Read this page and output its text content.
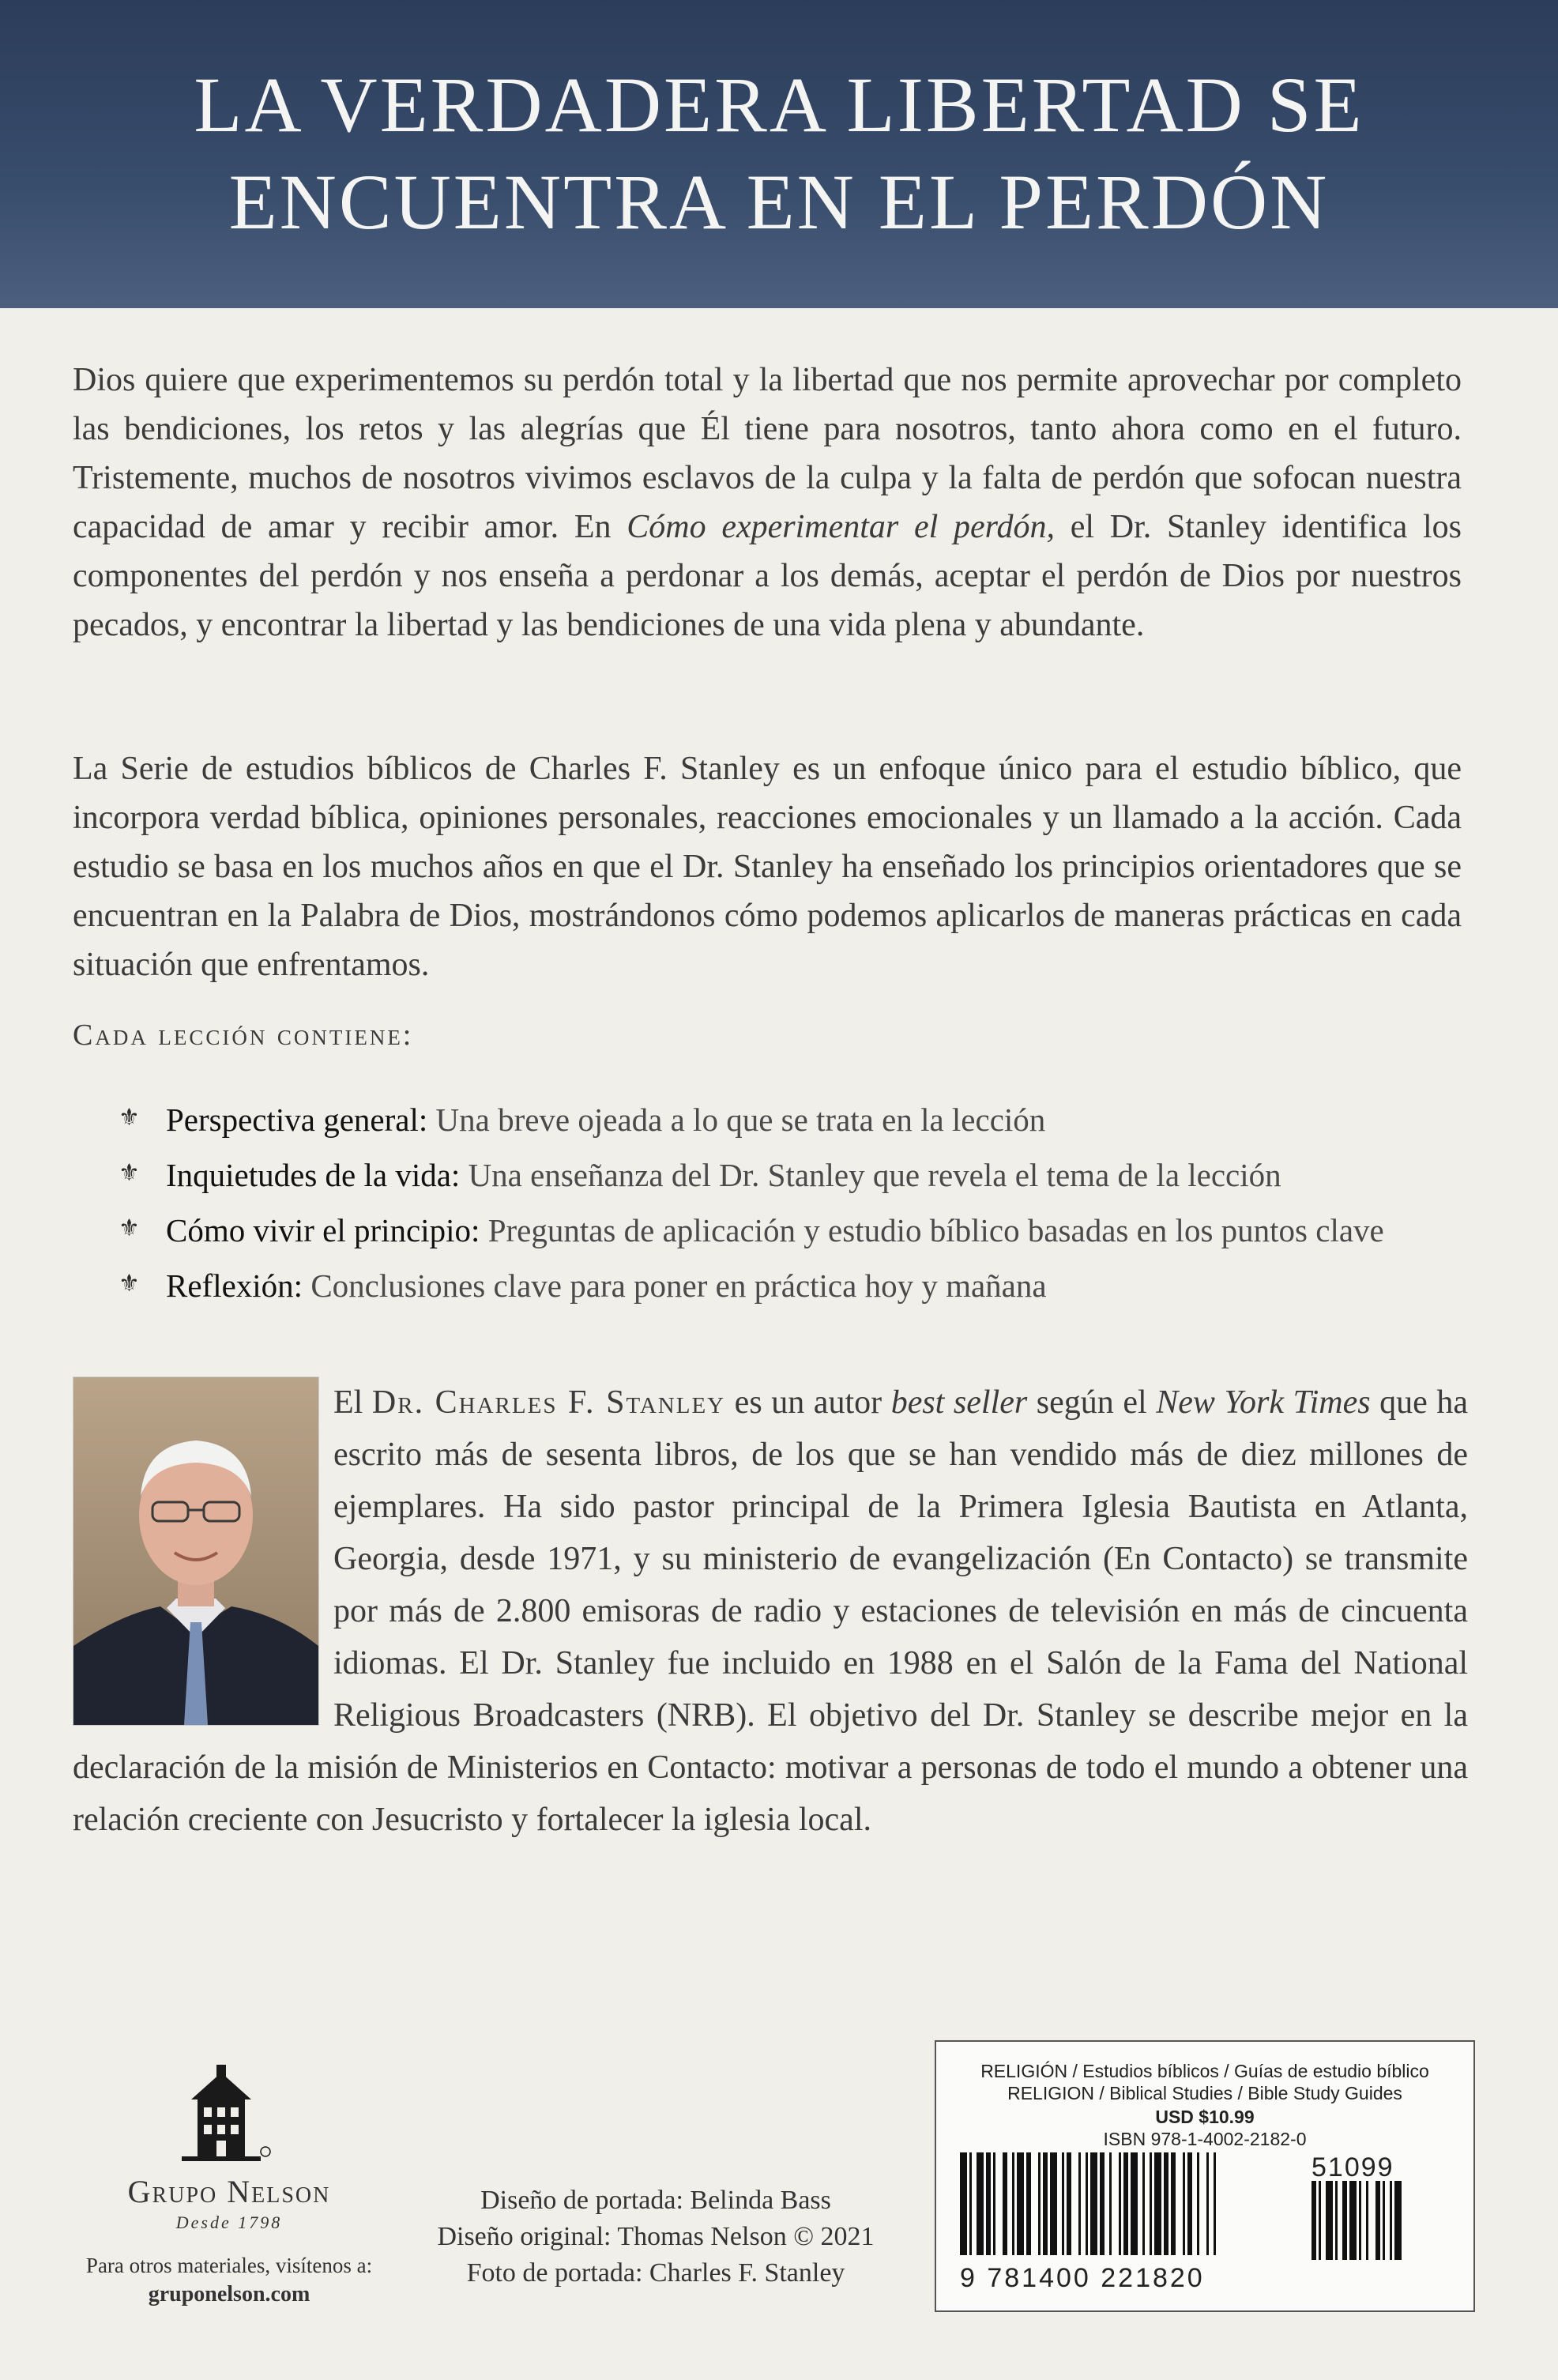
LA VERDADERA LIBERTAD SE
ENCUENTRA EN EL PERDÓN

Dios quiere que experimentemos su perdón total y la libertad que nos permite aprovechar por completo las bendiciones, los retos y las alegrías que Él tiene para nosotros, tanto ahora como en el futuro. Tristemente, muchos de nosotros vivimos esclavos de la culpa y la falta de perdón que sofocan nuestra capacidad de amar y recibir amor. En Cómo experimentar el perdón, el Dr. Stanley identifica los componentes del perdón y nos enseña a perdonar a los demás, aceptar el perdón de Dios por nuestros pecados, y encontrar la libertad y las bendiciones de una vida plena y abundante.

La Serie de estudios bíblicos de Charles F. Stanley es un enfoque único para el estudio bíblico, que incorpora verdad bíblica, opiniones personales, reacciones emocionales y un llamado a la acción. Cada estudio se basa en los muchos años en que el Dr. Stanley ha enseñado los principios orientadores que se encuentran en la Palabra de Dios, mostrándonos cómo podemos aplicarlos de maneras prácticas en cada situación que enfrentamos.

Cada lección contiene:
⚜ Perspectiva general: Una breve ojeada a lo que se trata en la lección
⚜ Inquietudes de la vida: Una enseñanza del Dr. Stanley que revela el tema de la lección
⚜ Cómo vivir el principio: Preguntas de aplicación y estudio bíblico basadas en los puntos clave
⚜ Reflexión: Conclusiones clave para poner en práctica hoy y mañana

El Dr. Charles F. Stanley es un autor best seller según el New York Times que ha escrito más de sesenta libros, de los que se han vendido más de diez millones de ejemplares. Ha sido pastor principal de la Primera Iglesia Bautista en Atlanta, Georgia, desde 1971, y su ministerio de evangelización (En Contacto) se transmite por más de 2.800 emisoras de radio y estaciones de televisión en más de cincuenta idiomas. El Dr. Stanley fue incluido en 1988 en el Salón de la Fama del National Religious Broadcasters (NRB). El objetivo del Dr. Stanley se describe mejor en la declaración de la misión de Ministerios en Contacto: motivar a personas de todo el mundo a obtener una relación creciente con Jesucristo y fortalecer la iglesia local.

Grupo Nelson
Desde 1798
Para otros materiales, visítenos a:
gruponelson.com
Diseño de portada: Belinda Bass
Diseño original: Thomas Nelson © 2021
Foto de portada: Charles F. Stanley
RELIGIÓN / Estudios bíblicos / Guías de estudio bíblico
RELIGION / Biblical Studies / Bible Study Guides
USD $10.99
ISBN 978-1-4002-2182-0
9 781400 221820
51099
